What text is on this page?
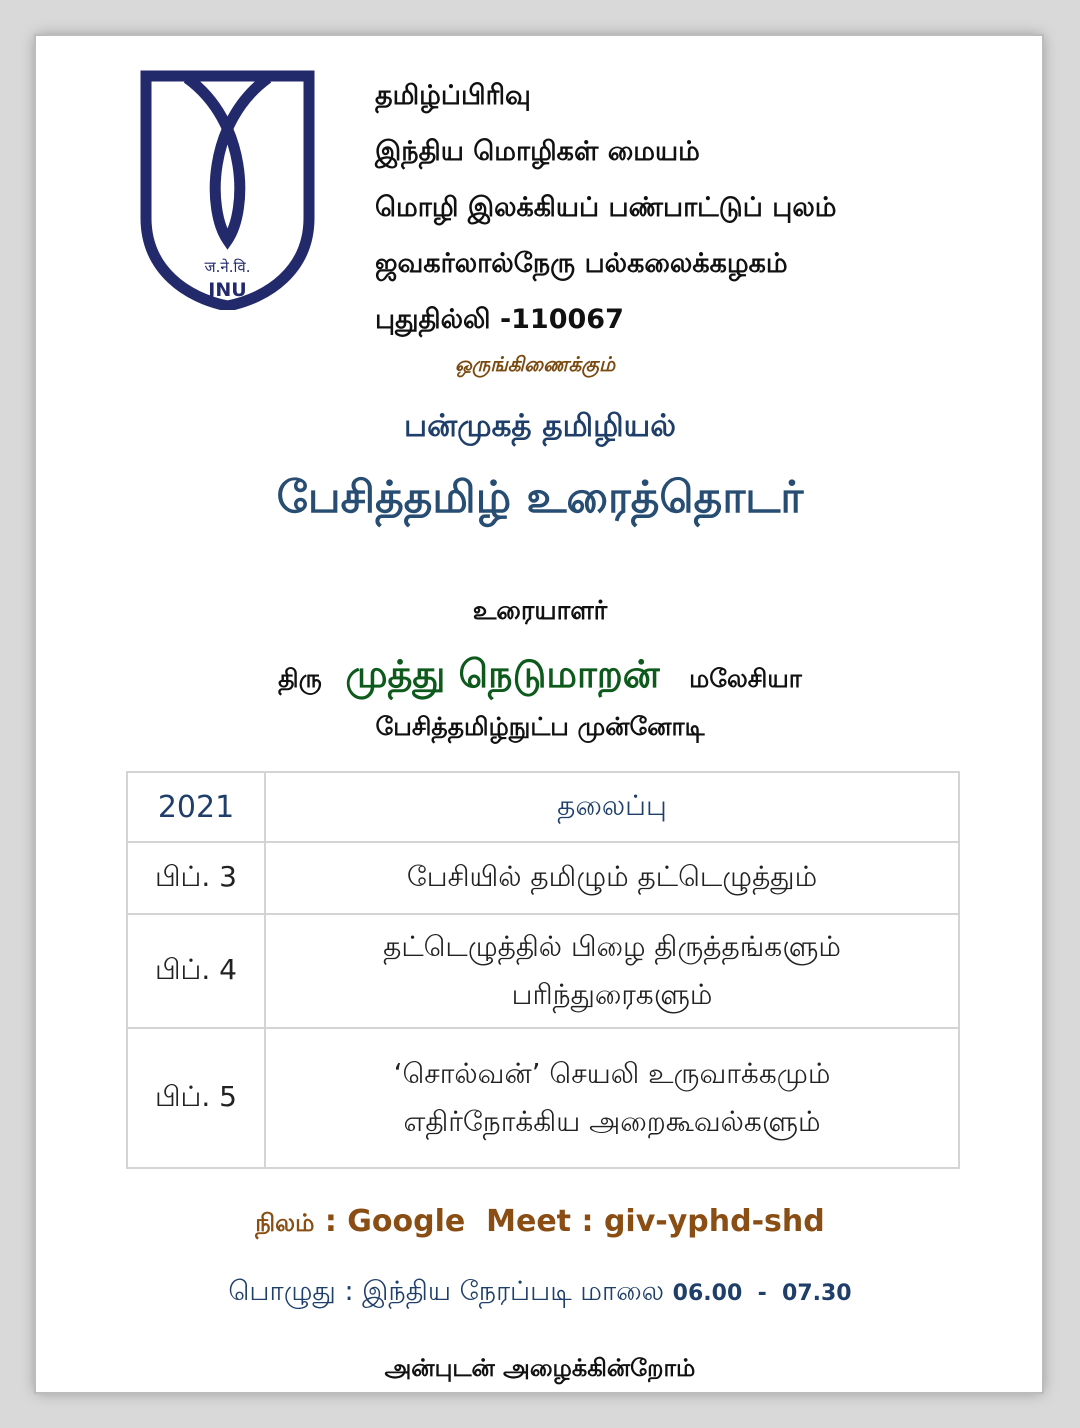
ज.ने.वि.
JNU
தமிழ்ப்பிரிவு
இந்திய மொழிகள் மையம்
மொழி இலக்கியப் பண்பாட்டுப் புலம்
ஜவகர்லால்நேரு பல்கலைக்கழகம்
புதுதில்லி -110067
ஒருங்கிணைக்கும்
பன்முகத் தமிழியல்
பேசித்தமிழ் உரைத்தொடர்
உரையாளர்
திரு முத்து நெடுமாறன் மலேசியா
பேசித்தமிழ்நுட்ப முன்னோடி
2021	தலைப்பு
பிப். 3	பேசியில் தமிழும் தட்டெழுத்தும்

பிப். 4	தட்டெழுத்தில் பிழை திருத்தங்களும்
பரிந்துரைகளும்

பிப். 5	‘சொல்வன்’ செயலி உருவாக்கமும்
எதிர்நோக்கிய அறைகூவல்களும்
நிலம் : Google  Meet : giv-yphd-shd
பொழுது : இந்திய நேரப்படி மாலை 06.00  -  07.30
அன்புடன் அழைக்கின்றோம்
